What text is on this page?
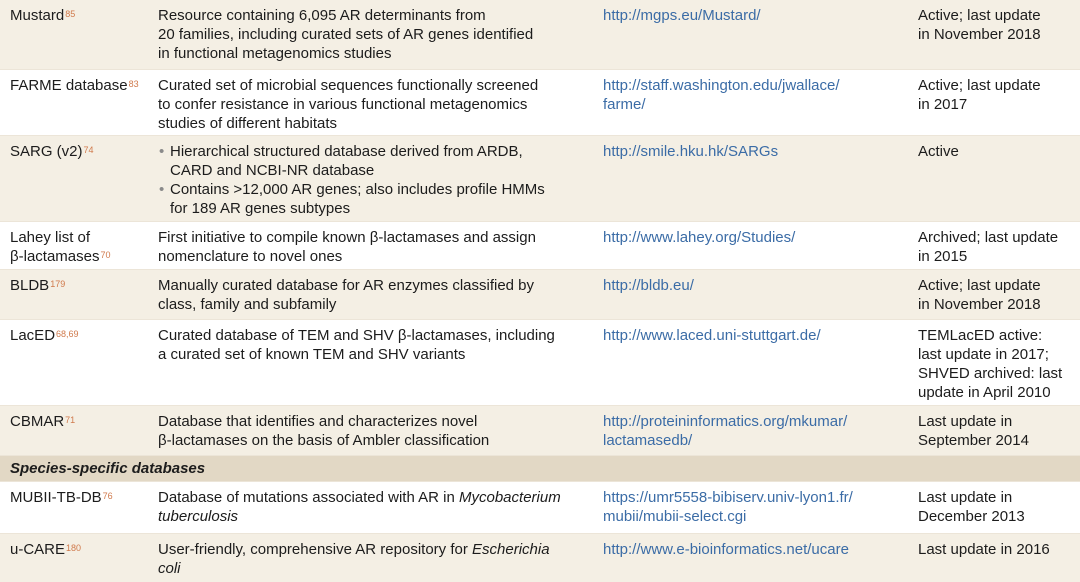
Mustard$^{85}$	Resource containing 6,095 AR determinants from
20 families, including curated sets of AR genes identified
in functional metagenomics studies
http://mgps.eu/Mustard/	Active; last update
in November 2018
FARME database$^{83}$	Curated set of microbial sequences functionally screened
to confer resistance in various functional metagenomics
studies of different habitats
http://staff.washington.edu/jwallace/
farme/
Active; last update
in 2017
SARG (v2)$^{74}$
•	Hierarchical structured database derived from ARDB,
CARD and NCBI-NR database
• Contains >12,000 AR genes; also includes profile HMMs
for 189 AR genes subtypes
http://smile.hku.hk/SARGs	Active
Lahey list of
β-lactamases$^{70}$
First initiative to compile known β-lactamases and assign
nomenclature to novel ones
http://www.lahey.org/Studies/	Archived; last update
in 2015
BLDB$^{179}$	Manually curated database for AR enzymes classified by
class, family and subfamily
http://bldb.eu/	Active; last update
in November 2018
LacED$^{68,69}$	Curated database of TEM and SHV β-lactamases, including
a curated set of known TEM and SHV variants
http://www.laced.uni-stuttgart.de/	TEMLacED active:
last update in 2017;
SHVED archived: last
update in April 2010
CBMAR$^{71}$	Database that identifies and characterizes novel
β-lactamases on the basis of Ambler classification
http://proteininformatics.org/mkumar/
lactamasedb/
Last update in
September 2014
Species-specific databases
MUBII-TB-DB$^{76}$	Database of mutations associated with AR in Mycobacterium
tuberculosis
https://umr5558-bibiserv.univ-lyon1.fr/
mubii/mubii-select.cgi
Last update in
December 2013
u-CARE$^{180}$	User-friendly, comprehensive AR repository for Escherichia
coli
http://www.e-bioinformatics.net/ucare	Last update in 2016
